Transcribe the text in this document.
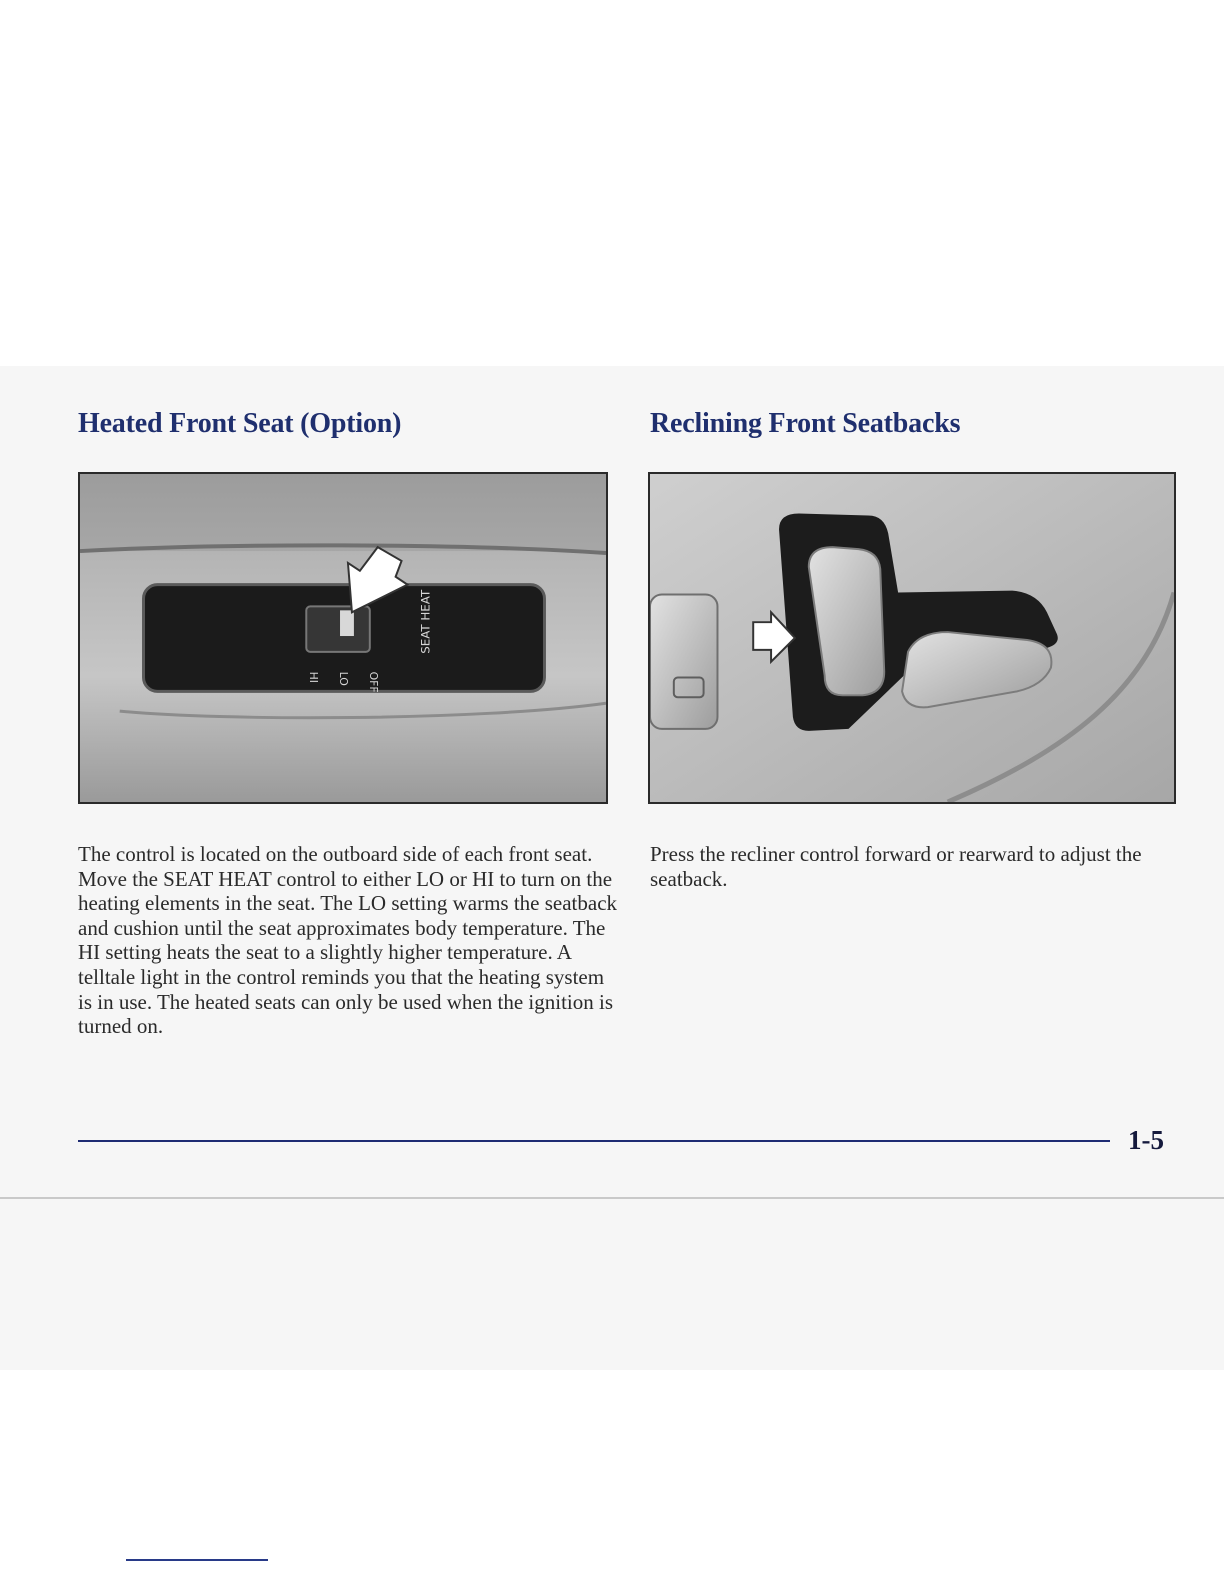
Heated Front Seat (Option)	Reclining Front Seatbacks
HI LO OFF
SEAT HEAT

The control is located on the outboard side of each front seat. Move the SEAT HEAT control to either LO or HI to turn on the heating elements in the seat. The LO setting warms the seatback and cushion until the seat approximates body temperature. The HI setting heats the seat to a slightly higher temperature. A telltale light in the control reminds you that the heating system is in use. The heated seats can only be used when the ignition is turned on.

Press the recliner control forward or rearward to adjust the seatback.

1-5
